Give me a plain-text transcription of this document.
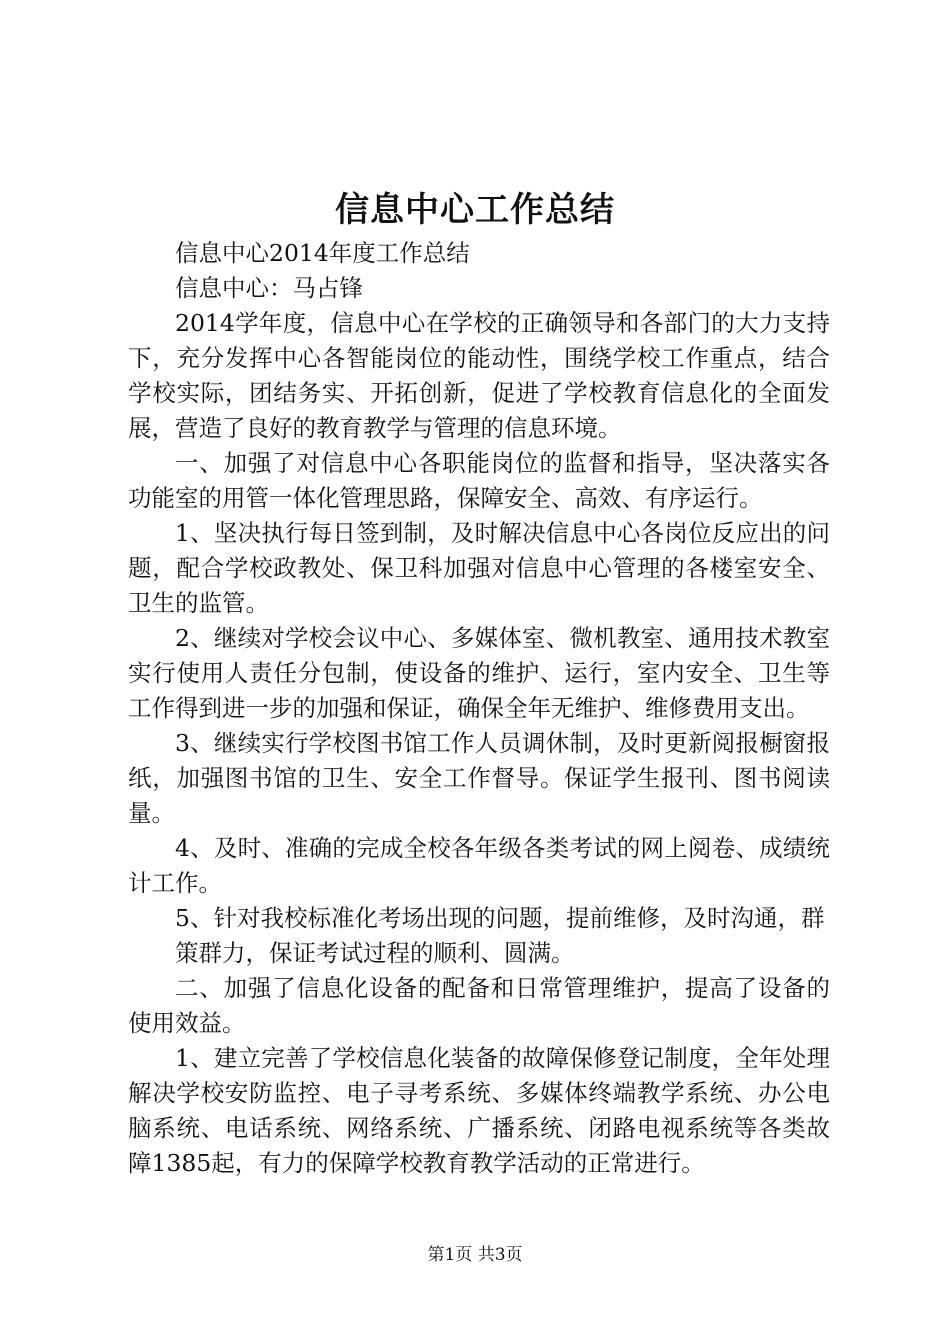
信息中心工作总结

信息中心2014年度工作总结

信息中心：马占锋

2014学年度，信息中心在学校的正确领导和各部门的大力支持下，充分发挥中心各智能岗位的能动性，围绕学校工作重点，结合学校实际，团结务实、开拓创新，促进了学校教育信息化的全面发展，营造了良好的教育教学与管理的信息环境。

一、加强了对信息中心各职能岗位的监督和指导，坚决落实各功能室的用管一体化管理思路，保障安全、高效、有序运行。

1、坚决执行每日签到制，及时解决信息中心各岗位反应出的问题，配合学校政教处、保卫科加强对信息中心管理的各楼室安全、卫生的监管。

2、继续对学校会议中心、多媒体室、微机教室、通用技术教室实行使用人责任分包制，使设备的维护、运行，室内安全、卫生等工作得到进一步的加强和保证，确保全年无维护、维修费用支出。

3、继续实行学校图书馆工作人员调休制，及时更新阅报橱窗报纸，加强图书馆的卫生、安全工作督导。保证学生报刊、图书阅读量。

4、及时、准确的完成全校各年级各类考试的网上阅卷、成绩统计工作。

5、针对我校标准化考场出现的问题，提前维修，及时沟通，群

策群力，保证考试过程的顺利、圆满。

二、加强了信息化设备的配备和日常管理维护，提高了设备的使用效益。

1、建立完善了学校信息化装备的故障保修登记制度，全年处理解决学校安防监控、电子寻考系统、多媒体终端教学系统、办公电脑系统、电话系统、网络系统、广播系统、闭路电视系统等各类故障1385起，有力的保障学校教育教学活动的正常进行。

第1页 共3页
